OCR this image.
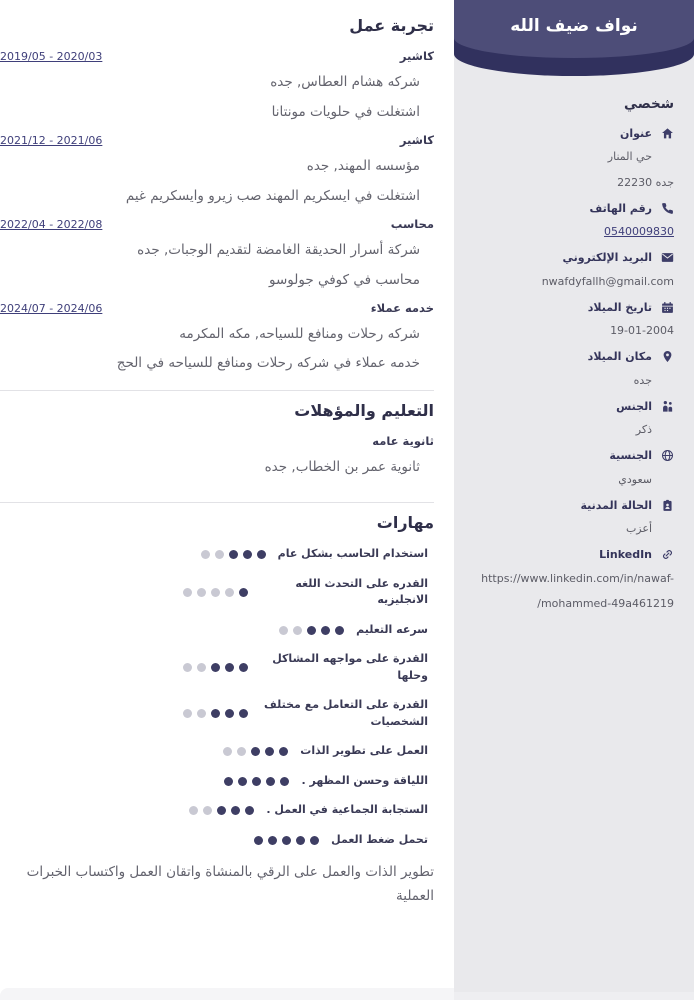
تجربة عمل
كاشير
2019/05 - 2020/03
شركه هشام العطاس, جده
اشتغلت في حلويات مونتانا
كاشير
2021/12 - 2021/06
مؤسسه المهند, جده
اشتغلت في ايسكريم المهند صب زيرو وايسكريم غيم
محاسب
2022/04 - 2022/08
شركة أسرار الحديقة الغامضة لتقديم الوجبات, جده
محاسب في كوفي جولوسو
خدمه عملاء
2024/07 - 2024/06
شركه رحلات ومنافع للسياحه, مكه المكرمه
خدمه عملاء في شركه رحلات ومنافع للسياحه في الحج
التعليم والمؤهلات
ثانوية عامه
ثانوية عمر بن الخطاب, جده
مهارات
استخدام الحاسب بشكل عام
القدره على التحدث اللغه الانجليزيه
سرعه التعليم
القدرة على مواجهه المشاكل وحلها
القدرة على التعامل مع مختلف الشخصيات
العمل على تطوير الذات
اللياقة وحسن المظهر .
الستجابة الجماعية في العمل .
تحمل ضغط العمل

تطوير الذات والعمل على الرقي بالمنشاة واتقان العمل واكتساب الخبرات العملية

نواف ضيف الله
شخصي
عنوان
حي المنار
22230 جده
رقم الهاتف
0540009830
البريد الإلكتروني
nwafdyfallh@gmail.com
تاريخ الميلاد
19-01-2004
مكان الميلاد
جده
الجنس
ذكر
الجنسية
سعودي
الحالة المدنية
أعزب
LinkedIn
https://www.linkedin.com/in/nawaf-
/mohammed-49a461219
